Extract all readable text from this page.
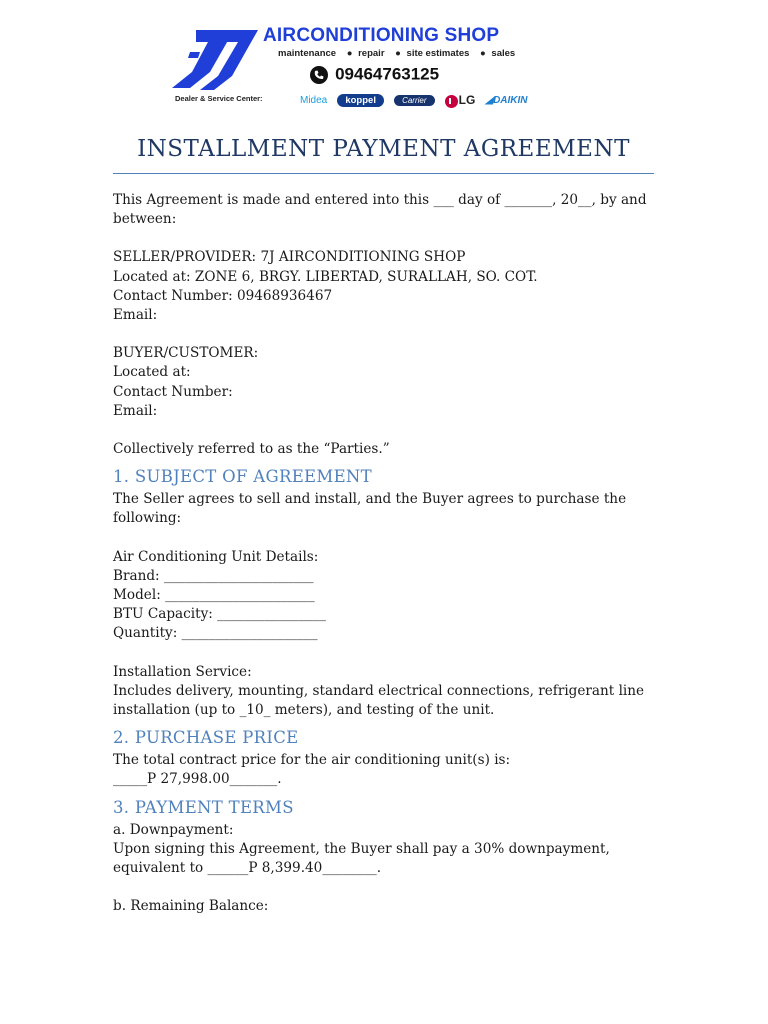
AIRCONDITIONING SHOP
maintenance ● repair ● site estimates ● sales
09464763125
Dealer & Service Center:	Midea koppel	Carrier	LG ◢DAIKIN
INSTALLMENT PAYMENT AGREEMENT

This Agreement is made and entered into this ___ day of _______, 20__, by and between:

SELLER/PROVIDER: 7J AIRCONDITIONING SHOP

Located at: ZONE 6, BRGY. LIBERTAD, SURALLAH, SO. COT.

Contact Number: 09468936467

Email:

BUYER/CUSTOMER:

Located at:

Contact Number:

Email:

Collectively referred to as the “Parties.”

1. SUBJECT OF AGREEMENT

The Seller agrees to sell and install, and the Buyer agrees to purchase the following:

Air Conditioning Unit Details:

Brand: ______________________

Model: ______________________

BTU Capacity: ________________

Quantity: ____________________

Installation Service:

Includes delivery, mounting, standard electrical connections, refrigerant line installation (up to _10_ meters), and testing of the unit.

2. PURCHASE PRICE

The total contract price for the air conditioning unit(s) is:

_____P 27,998.00_______.

3. PAYMENT TERMS

a. Downpayment:

Upon signing this Agreement, the Buyer shall pay a 30% downpayment, equivalent to ______P 8,399.40________.

b. Remaining Balance:
